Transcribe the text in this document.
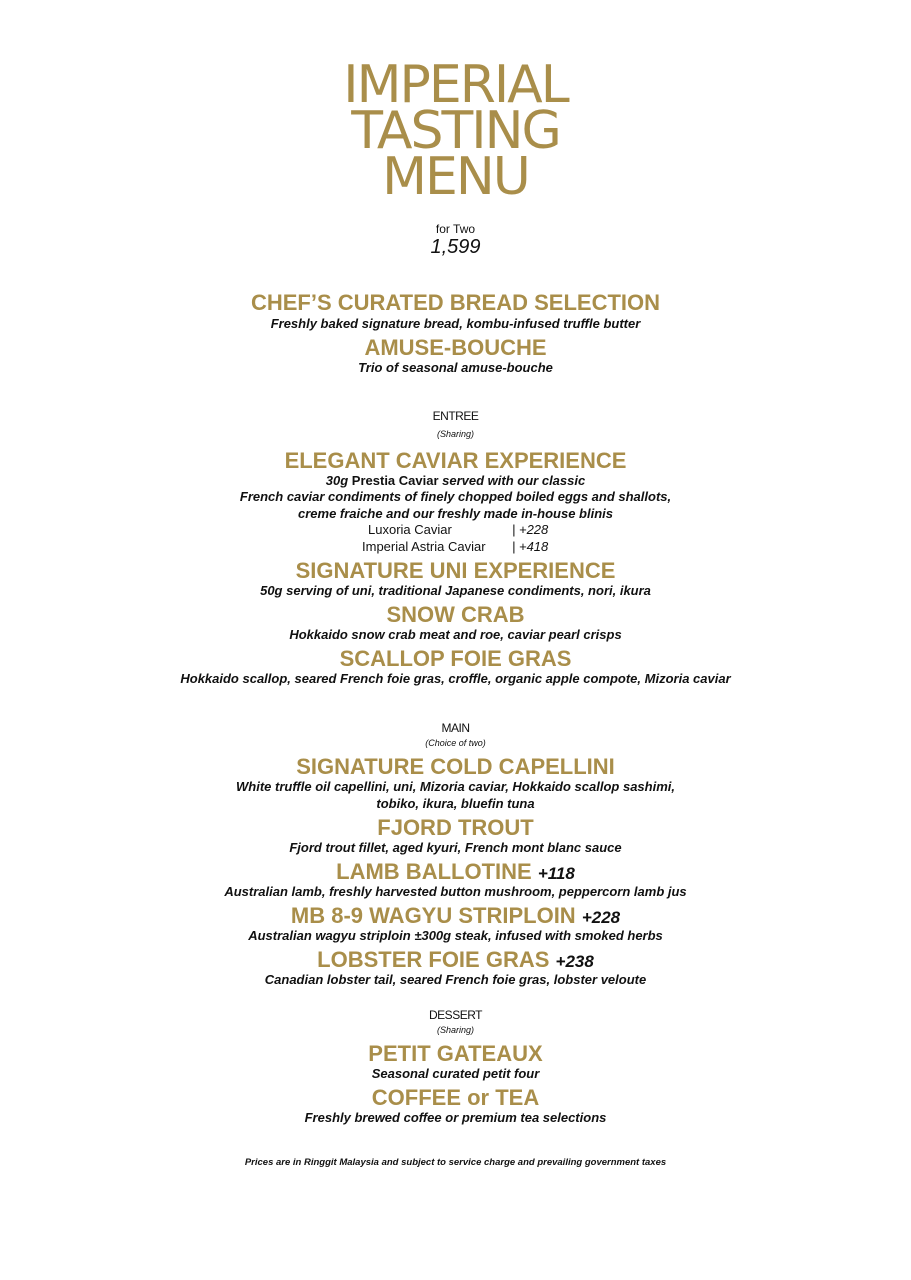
IMPERIAL
TASTING
MENU
for Two
1,599
CHEF’S CURATED BREAD SELECTION
Freshly baked signature bread, kombu-infused truffle butter
AMUSE-BOUCHE
Trio of seasonal amuse-bouche
ENTREE
(Sharing)
ELEGANT CAVIAR EXPERIENCE
30g Prestia Caviar served with our classic
French caviar condiments of finely chopped boiled eggs and shallots,
creme fraiche and our freshly made in-house blinis
Luxoria Caviar	| +228
Imperial Astria Caviar | +418
SIGNATURE UNI EXPERIENCE
50g serving of uni, traditional Japanese condiments, nori, ikura
SNOW CRAB
Hokkaido snow crab meat and roe, caviar pearl crisps
SCALLOP FOIE GRAS
Hokkaido scallop, seared French foie gras, croffle, organic apple compote, Mizoria caviar
MAIN
(Choice of two)
SIGNATURE COLD CAPELLINI
White truffle oil capellini, uni, Mizoria caviar, Hokkaido scallop sashimi,
tobiko, ikura, bluefin tuna
FJORD TROUT
Fjord trout fillet, aged kyuri, French mont blanc sauce
LAMB BALLOTINE +118
Australian lamb, freshly harvested button mushroom, peppercorn lamb jus
MB 8-9 WAGYU STRIPLOIN +228
Australian wagyu striploin ±300g steak, infused with smoked herbs
LOBSTER FOIE GRAS +238
Canadian lobster tail, seared French foie gras, lobster veloute
DESSERT
(Sharing)
PETIT GATEAUX
Seasonal curated petit four
COFFEE or TEA
Freshly brewed coffee or premium tea selections
Prices are in Ringgit Malaysia and subject to service charge and prevailing government taxes
